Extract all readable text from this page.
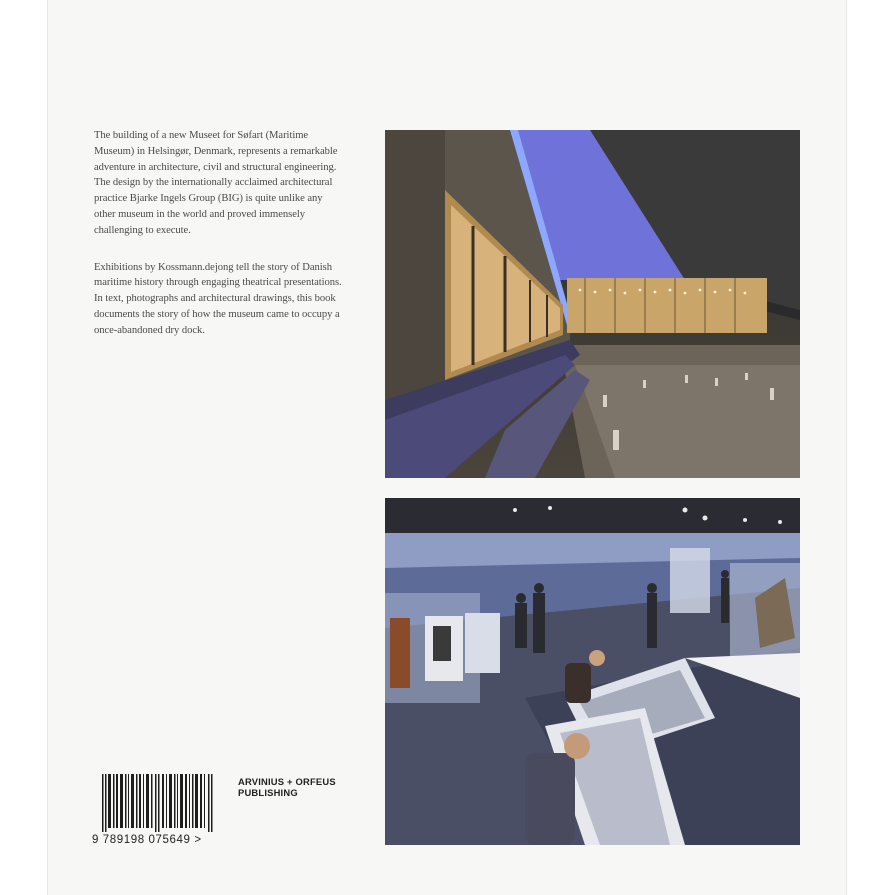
The building of a new Museet for Søfart (Maritime Museum) in Helsingør, Denmark, represents a remarkable adventure in architecture, civil and structural engineering. The design by the internationally acclaimed architectural practice Bjarke Ingels Group (BIG) is quite unlike any other museum in the world and proved immensely challenging to execute.

Exhibitions by Kossmann.dejong tell the story of Danish maritime history through engaging theatrical presentations. In text, photographs and architectural drawings, this book documents the story of how the museum came to occupy a once-abandoned dry dock.

9 789198 075649 >
ARVINIUS + ORFEUS
PUBLISHING
